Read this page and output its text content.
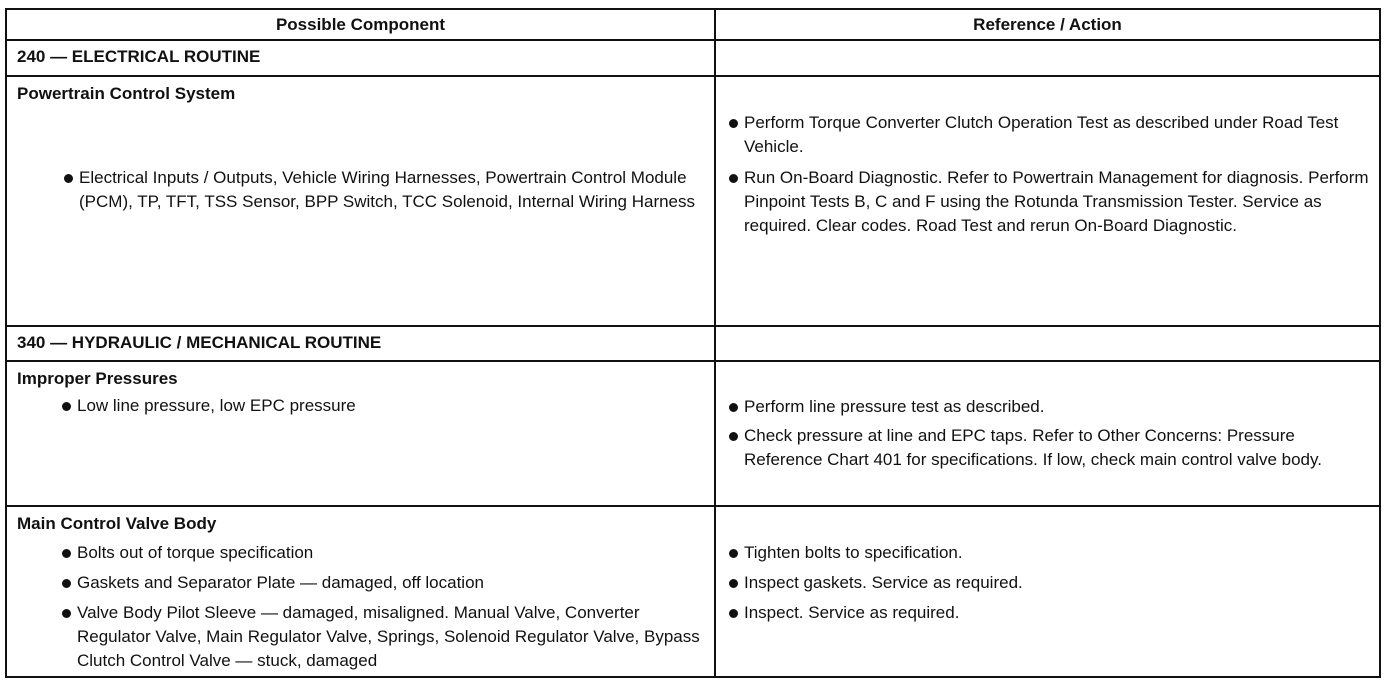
Possible Component	Reference / Action
240 — ELECTRICAL ROUTINE
Powertrain Control System
Electrical Inputs / Outputs, Vehicle Wiring Harnesses, Powertrain Control Module (PCM), TP, TFT, TSS Sensor, BPP Switch, TCC Solenoid, Internal Wiring Harness
Perform Torque Converter Clutch Operation Test as described under Road Test Vehicle.
Run On-Board Diagnostic. Refer to Powertrain Management for diagnosis. Perform Pinpoint Tests B, C and F using the Rotunda Transmission Tester. Service as required. Clear codes. Road Test and rerun On-Board Diagnostic.
340 — HYDRAULIC / MECHANICAL ROUTINE
Improper Pressures
Low line pressure, low EPC pressure	Perform line pressure test as described.
Check pressure at line and EPC taps. Refer to Other Concerns: Pressure Reference Chart 401 for specifications. If low, check main control valve body.
Main Control Valve Body
Bolts out of torque specification
Gaskets and Separator Plate — damaged, off location
Valve Body Pilot Sleeve — damaged, misaligned. Manual Valve, Converter Regulator Valve, Main Regulator Valve, Springs, Solenoid Regulator Valve, Bypass Clutch Control Valve — stuck, damaged
Tighten bolts to specification.
Inspect gaskets. Service as required.
Inspect. Service as required.
